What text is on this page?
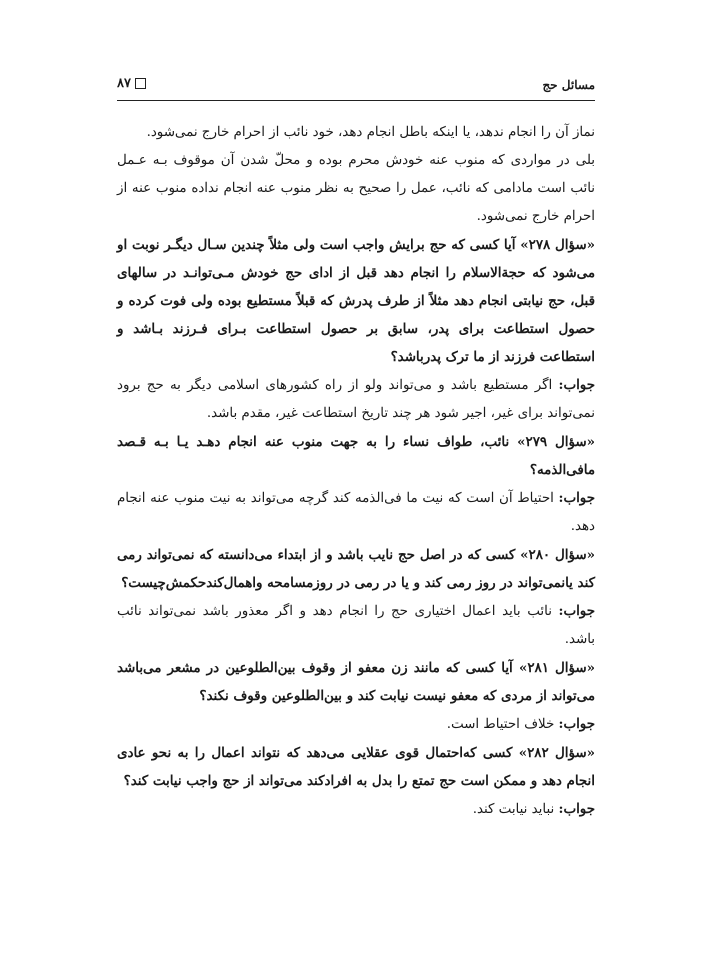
مسائل حج
۸۷

نماز آن را انجام ندهد، یا اینکه باطل انجام دهد، خود نائب از احرام خارج نمی‌شود.

بلی در مواردی که منوب عنه خودش محرم بوده و محلّ شدن آن موقوف بـه عـمل نائب است مادامی که نائب، عمل را صحیح به نظر منوب عنه انجام نداده منوب عنه از احرام خارج نمی‌شود.

«سؤال ۲۷۸» آیا کسی که حج برایش واجب است ولی مثلاً چندین سـال دیگـر نوبت او می‌شود که حجةالاسلام را انجام دهد قبل از ادای حج خودش مـی‌توانـد در سالهای قبل، حج نیابتی انجام دهد مثلاً از طرف پدرش که قبلاً مستطیع بوده ولی فوت کرده و حصول استطاعت برای پدر، سابق بر حصول استطاعت بـرای فـرزند بـاشد و استطاعت فرزند از ما ترک پدرباشد؟

جواب: اگر مستطیع باشد و می‌تواند ولو از راه کشورهای اسلامی دیگر به حج برود نمی‌تواند برای غیر، اجیر شود هر چند تاریخ استطاعت غیر، مقدم باشد.

«سؤال ۲۷۹» نائب، طواف نساء را به جهت منوب عنه انجام دهـد یـا بـه قـصد مافی‌الذمه؟

جواب: احتیاط آن است که نیت ما فی‌الذمه کند گرچه می‌تواند به نیت منوب عنه انجام دهد.

«سؤال ۲۸۰» کسی که در اصل حج نایب باشد و از ابتداء می‌دانسته که نمی‌تواند رمی کند یانمی‌تواند در روز رمی کند و یا در رمی در روزمسامحه واهمال‌کندحکمش‌چیست؟

جواب: نائب باید اعمال اختیاری حج را انجام دهد و اگر معذور باشد نمی‌تواند نائب باشد.

«سؤال ۲۸۱» آیا کسی که مانند زن معفو از وقوف بین‌الطلوعین در مشعر می‌باشد می‌تواند از مردی که معفو نیست نیابت کند و بین‌الطلوعین وقوف نکند؟

جواب: خلاف احتیاط است.

«سؤال ۲۸۲» کسی که‌احتمال قوی عقلایی می‌دهد که نتواند اعمال را به نحو عادی انجام دهد و ممکن است حج تمتع را بدل به افرادکند می‌تواند از حج واجب نیابت کند؟

جواب: نباید نیابت کند.
